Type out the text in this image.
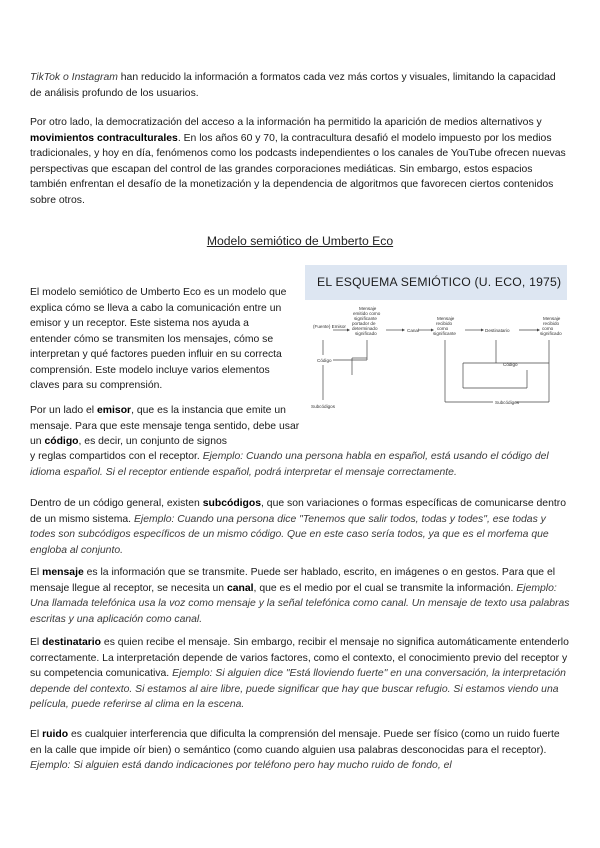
TikTok o Instagram han reducido la información a formatos cada vez más cortos y visuales, limitando la capacidad de análisis profundo de los usuarios.
Por otro lado, la democratización del acceso a la información ha permitido la aparición de medios alternativos y movimientos contraculturales. En los años 60 y 70, la contracultura desafió el modelo impuesto por los medios tradicionales, y hoy en día, fenómenos como los podcasts independientes o los canales de YouTube ofrecen nuevas perspectivas que escapan del control de las grandes corporaciones mediáticas. Sin embargo, estos espacios también enfrentan el desafío de la monetización y la dependencia de algoritmos que favorecen ciertos contenidos sobre otros.
Modelo semiótico de Umberto Eco
EL ESQUEMA SEMIÓTICO (U. ECO, 1975)
(Fuente) Emisor
Mensaje emitido como significante portador de determinado significado
Canal
Mensaje recibido como significante
Destinatario
Mensaje recibido como significado
Código
Código
Subcódigos
Subcódigos
El modelo semiótico de Umberto Eco es un modelo que explica cómo se lleva a cabo la comunicación entre un emisor y un receptor. Este sistema nos ayuda a entender cómo se transmiten los mensajes, cómo se interpretan y qué factores pueden influir en su correcta comprensión. Este modelo incluye varios elementos claves para su comprensión.
Por un lado el emisor, que es la instancia que emite un mensaje. Para que este mensaje tenga sentido, debe usar un código, es decir, un conjunto de signos
y reglas compartidos con el receptor. Ejemplo: Cuando una persona habla en español, está usando el código del idioma español. Si el receptor entiende español, podrá interpretar el mensaje correctamente.
Dentro de un código general, existen subcódigos, que son variaciones o formas específicas de comunicarse dentro de un mismo sistema. Ejemplo: Cuando una persona dice "Tenemos que salir todos, todas y todes", ese todas y todes son subcódigos específicos de un mismo código. Que en este caso sería todos, ya que es el morfema que engloba al conjunto.
El mensaje es la información que se transmite. Puede ser hablado, escrito, en imágenes o en gestos. Para que el mensaje llegue al receptor, se necesita un canal, que es el medio por el cual se transmite la información. Ejemplo: Una llamada telefónica usa la voz como mensaje y la señal telefónica como canal. Un mensaje de texto usa palabras escritas y una aplicación como canal.
El destinatario es quien recibe el mensaje. Sin embargo, recibir el mensaje no significa automáticamente entenderlo correctamente. La interpretación depende de varios factores, como el contexto, el conocimiento previo del receptor y su competencia comunicativa. Ejemplo: Si alguien dice "Está lloviendo fuerte" en una conversación, la interpretación depende del contexto. Si estamos al aire libre, puede significar que hay que buscar refugio. Si estamos viendo una película, puede referirse al clima en la escena.
El ruido es cualquier interferencia que dificulta la comprensión del mensaje. Puede ser físico (como un ruido fuerte en la calle que impide oír bien) o semántico (como cuando alguien usa palabras desconocidas para el receptor). Ejemplo: Si alguien está dando indicaciones por teléfono pero hay mucho ruido de fondo, el
